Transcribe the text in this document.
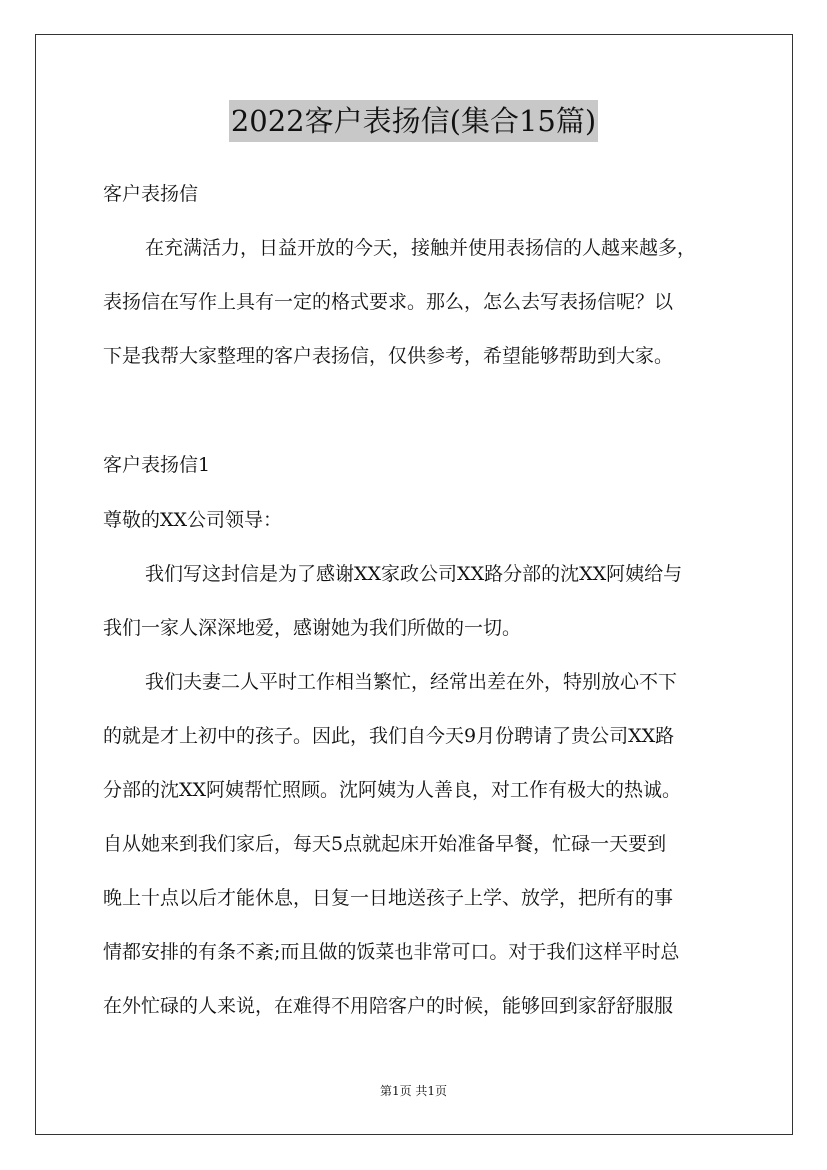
2022客户表扬信(集合15篇)
客户表扬信
在充满活力，日益开放的今天，接触并使用表扬信的人越来越多，
表扬信在写作上具有一定的格式要求。那么，怎么去写表扬信呢？以
下是我帮大家整理的客户表扬信，仅供参考，希望能够帮助到大家。
客户表扬信1
尊敬的XX公司领导：
我们写这封信是为了感谢XX家政公司XX路分部的沈XX阿姨给与
我们一家人深深地爱，感谢她为我们所做的一切。
我们夫妻二人平时工作相当繁忙，经常出差在外，特别放心不下
的就是才上初中的孩子。因此，我们自今天9月份聘请了贵公司XX路
分部的沈XX阿姨帮忙照顾。沈阿姨为人善良，对工作有极大的热诚。
自从她来到我们家后，每天5点就起床开始准备早餐，忙碌一天要到
晚上十点以后才能休息，日复一日地送孩子上学、放学，把所有的事
情都安排的有条不紊;而且做的饭菜也非常可口。对于我们这样平时总
在外忙碌的人来说，在难得不用陪客户的时候，能够回到家舒舒服服
第1页 共1页
